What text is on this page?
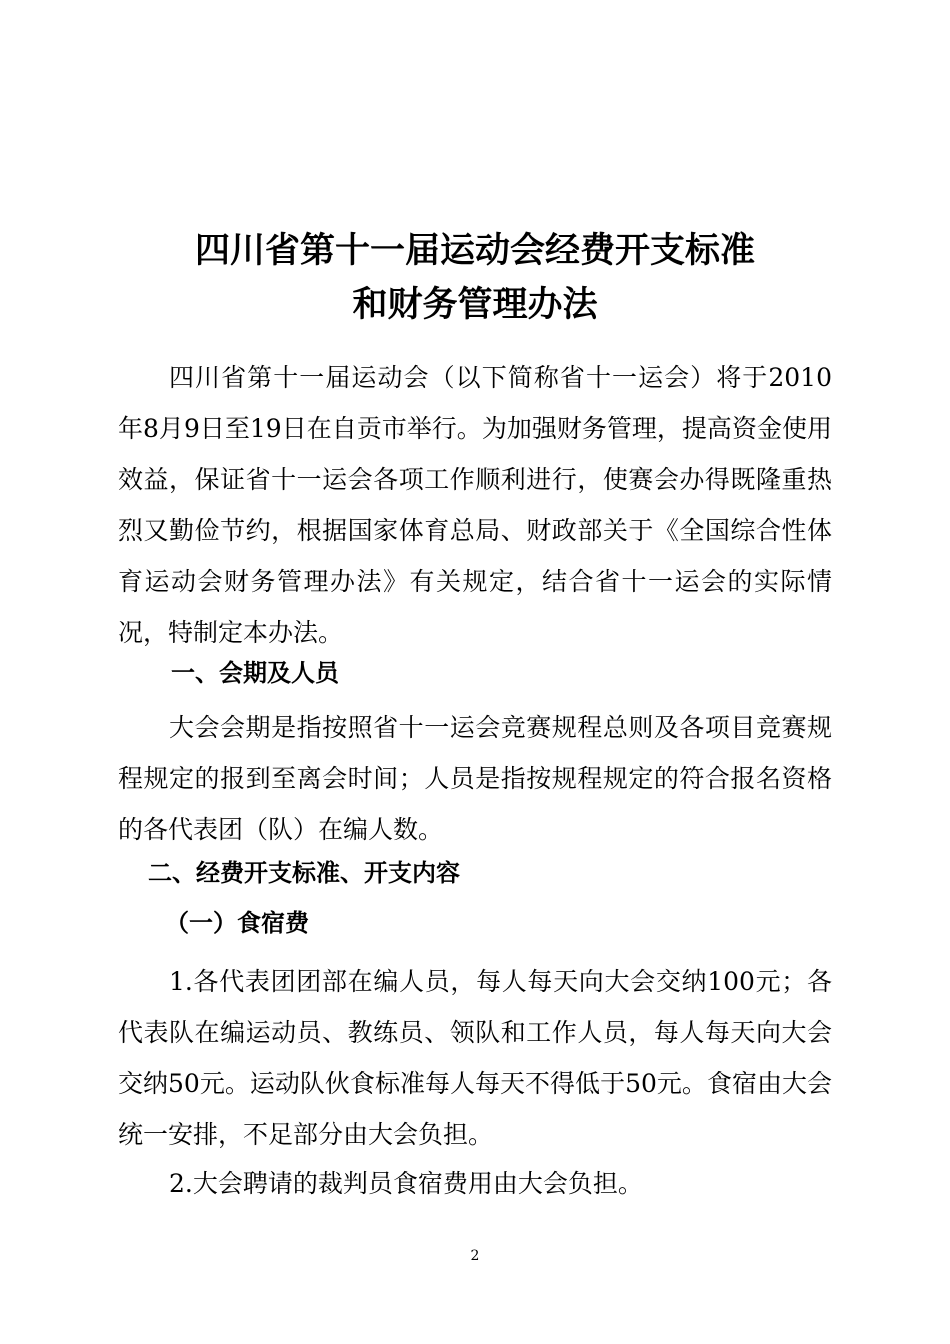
四川省第十一届运动会经费开支标准
和财务管理办法

四川省第十一届运动会（以下简称省十一运会）将于2010年8月9日至19日在自贡市举行。为加强财务管理，提高资金使用效益，保证省十一运会各项工作顺利进行，使赛会办得既隆重热烈又勤俭节约，根据国家体育总局、财政部关于《全国综合性体育运动会财务管理办法》有关规定，结合省十一运会的实际情况，特制定本办法。

一、会期及人员

大会会期是指按照省十一运会竞赛规程总则及各项目竞赛规程规定的报到至离会时间；人员是指按规程规定的符合报名资格的各代表团（队）在编人数。

二、经费开支标准、开支内容
（一）食宿费

1.各代表团团部在编人员，每人每天向大会交纳100元；各代表队在编运动员、教练员、领队和工作人员，每人每天向大会交纳50元。运动队伙食标准每人每天不得低于50元。食宿由大会统一安排，不足部分由大会负担。

2.大会聘请的裁判员食宿费用由大会负担。

2
